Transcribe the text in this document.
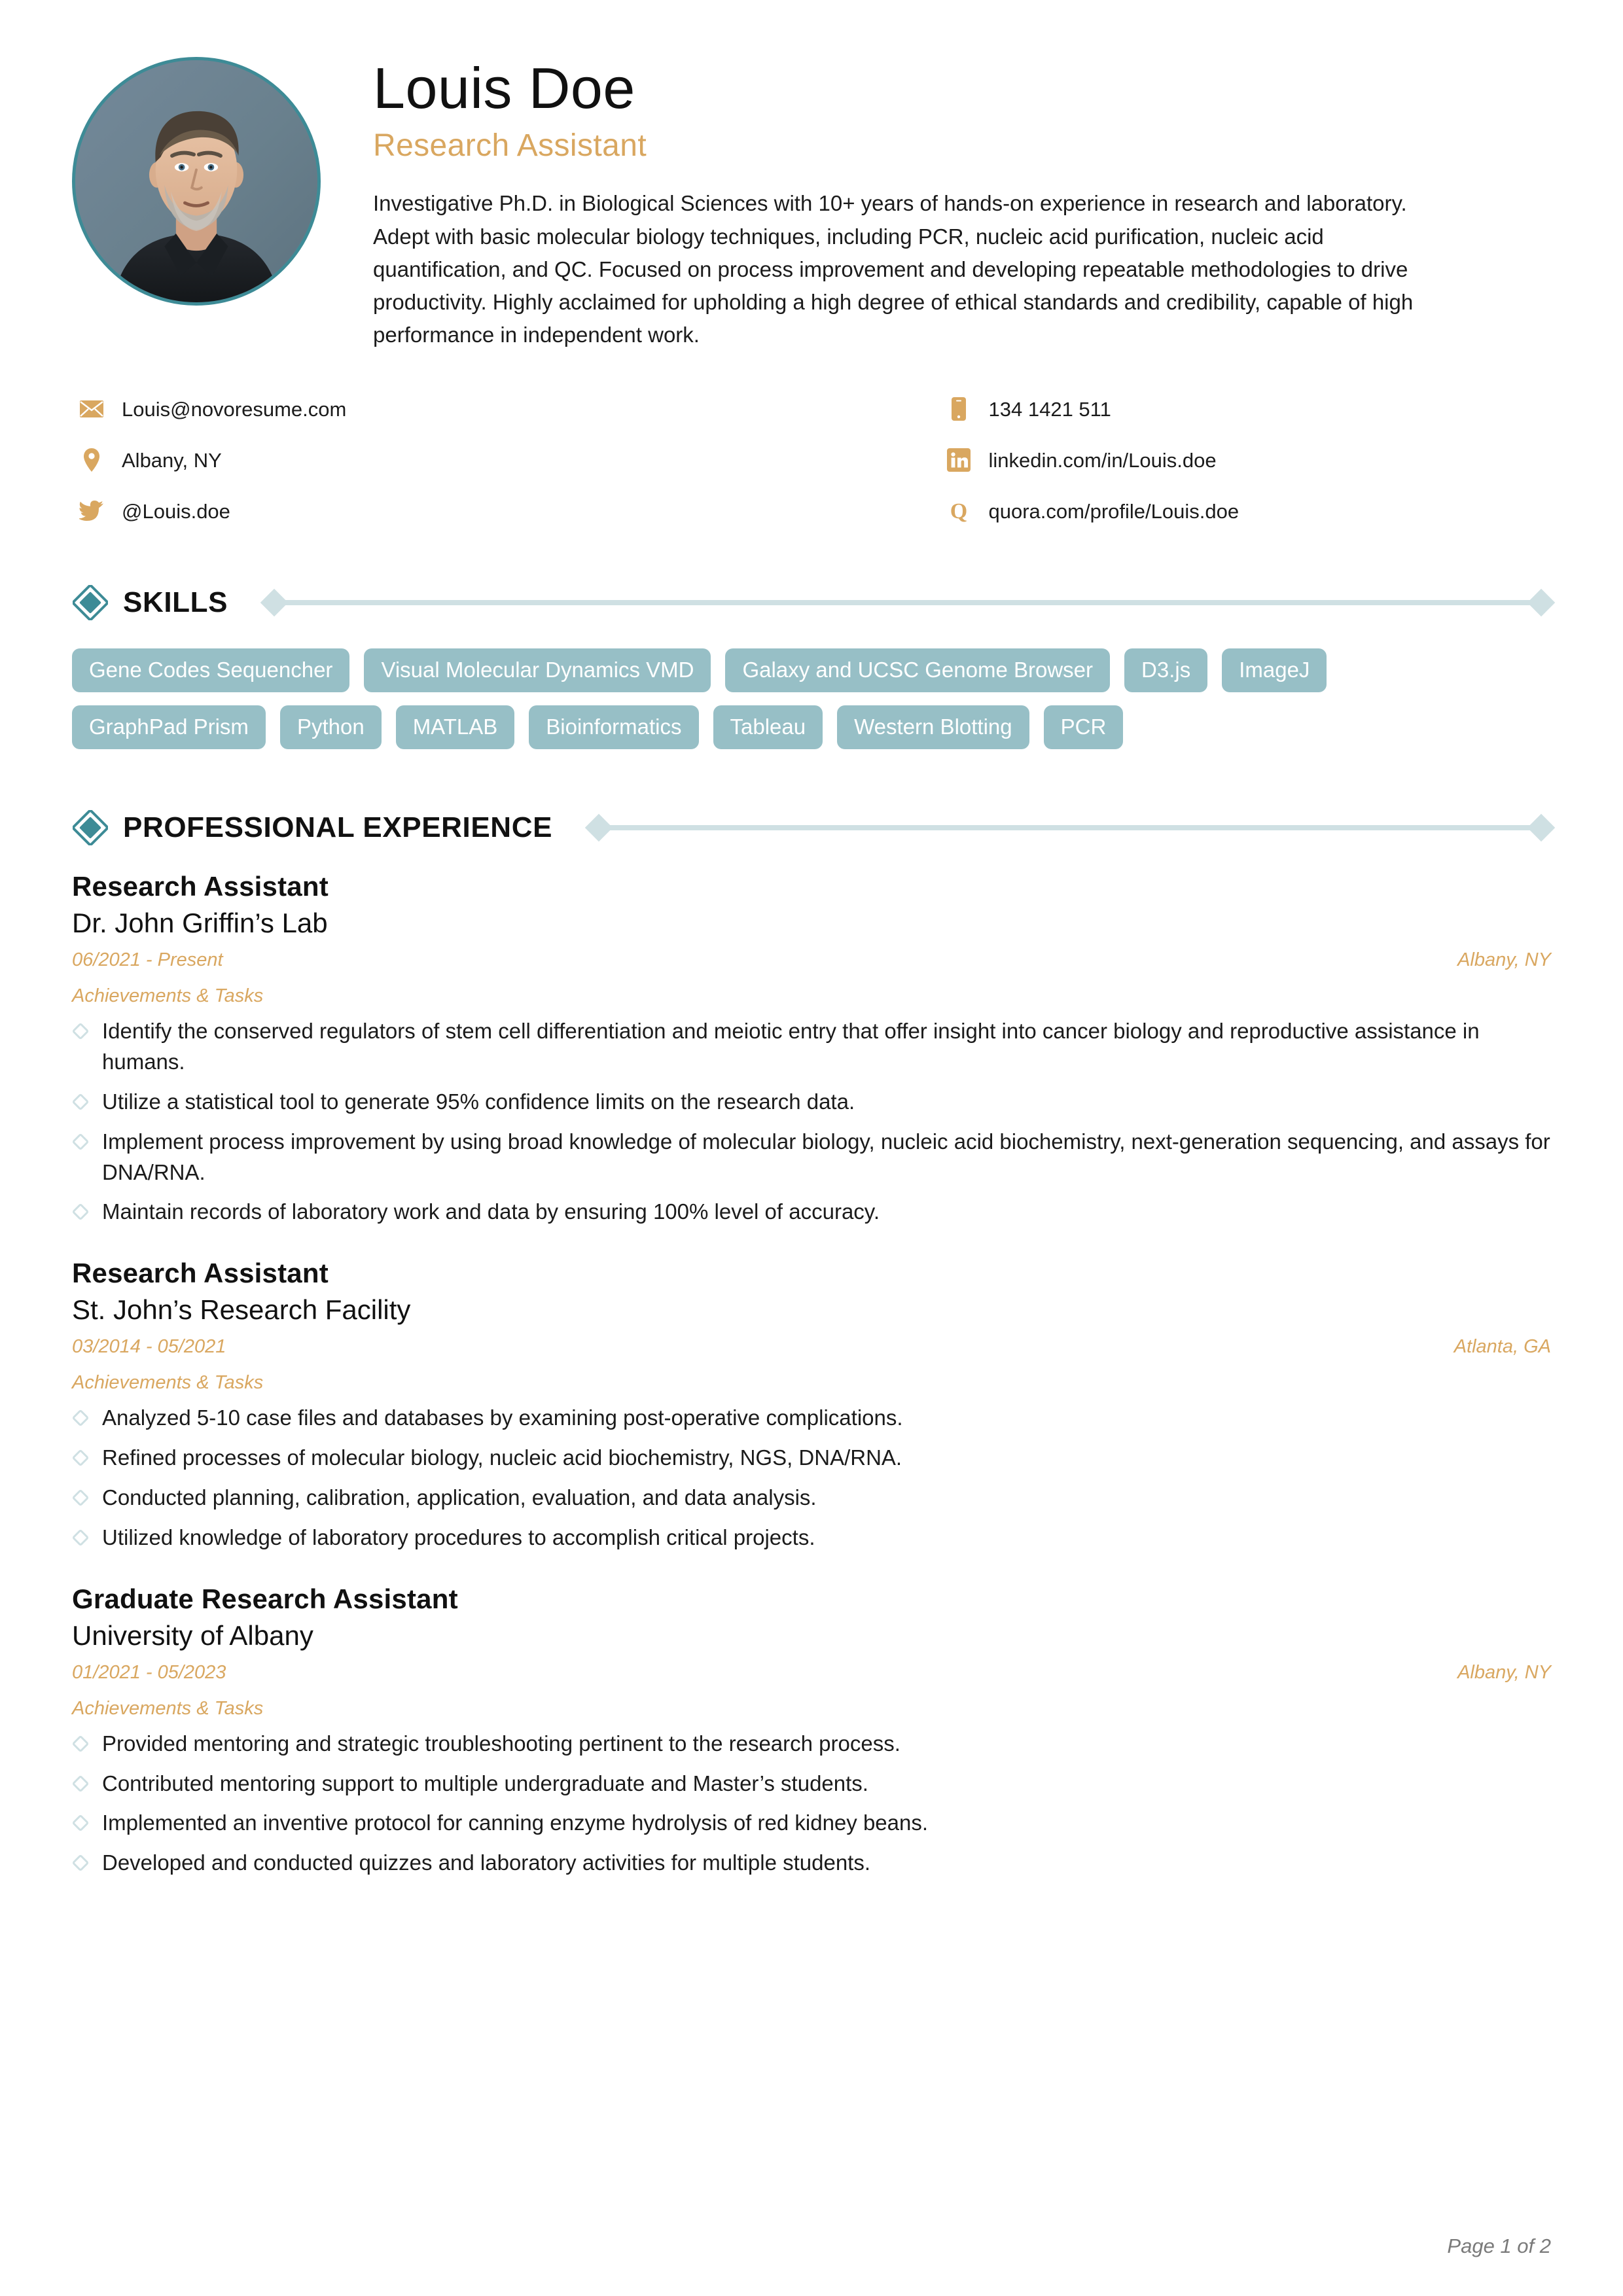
Louis Doe
Research Assistant

Investigative Ph.D. in Biological Sciences with 10+ years of hands-on experience in research and laboratory. Adept with basic molecular biology techniques, including PCR, nucleic acid purification, nucleic acid quantification, and QC. Focused on process improvement and developing repeatable methodologies to drive productivity. Highly acclaimed for upholding a high degree of ethical standards and credibility, capable of high performance in independent work.

Louis@novoresume.com
Albany, NY
@Louis.doe
134 1421 511
linkedin.com/in/Louis.doe
Q quora.com/profile/Louis.doe
SKILLS
Gene Codes Sequencher	Visual Molecular Dynamics VMD	Galaxy and UCSC Genome Browser	D3.js	ImageJ
GraphPad Prism	Python	MATLAB	Bioinformatics	Tableau	Western Blotting	PCR
PROFESSIONAL EXPERIENCE
Research Assistant
Dr. John Griffin’s Lab
06/2021 - Present	Albany, NY
Achievements & Tasks
Identify the conserved regulators of stem cell differentiation and meiotic entry that offer insight into cancer biology and reproductive assistance in humans.
Utilize a statistical tool to generate 95% confidence limits on the research data.
Implement process improvement by using broad knowledge of molecular biology, nucleic acid biochemistry, next-generation sequencing, and assays for DNA/RNA.
Maintain records of laboratory work and data by ensuring 100% level of accuracy.
Research Assistant
St. John’s Research Facility
03/2014 - 05/2021	Atlanta, GA
Achievements & Tasks
Analyzed 5-10 case files and databases by examining post-operative complications.
Refined processes of molecular biology, nucleic acid biochemistry, NGS, DNA/RNA.
Conducted planning, calibration, application, evaluation, and data analysis.
Utilized knowledge of laboratory procedures to accomplish critical projects.
Graduate Research Assistant
University of Albany
01/2021 - 05/2023	Albany, NY
Achievements & Tasks
Provided mentoring and strategic troubleshooting pertinent to the research process.
Contributed mentoring support to multiple undergraduate and Master’s students.
Implemented an inventive protocol for canning enzyme hydrolysis of red kidney beans.
Developed and conducted quizzes and laboratory activities for multiple students.
Page 1 of 2
